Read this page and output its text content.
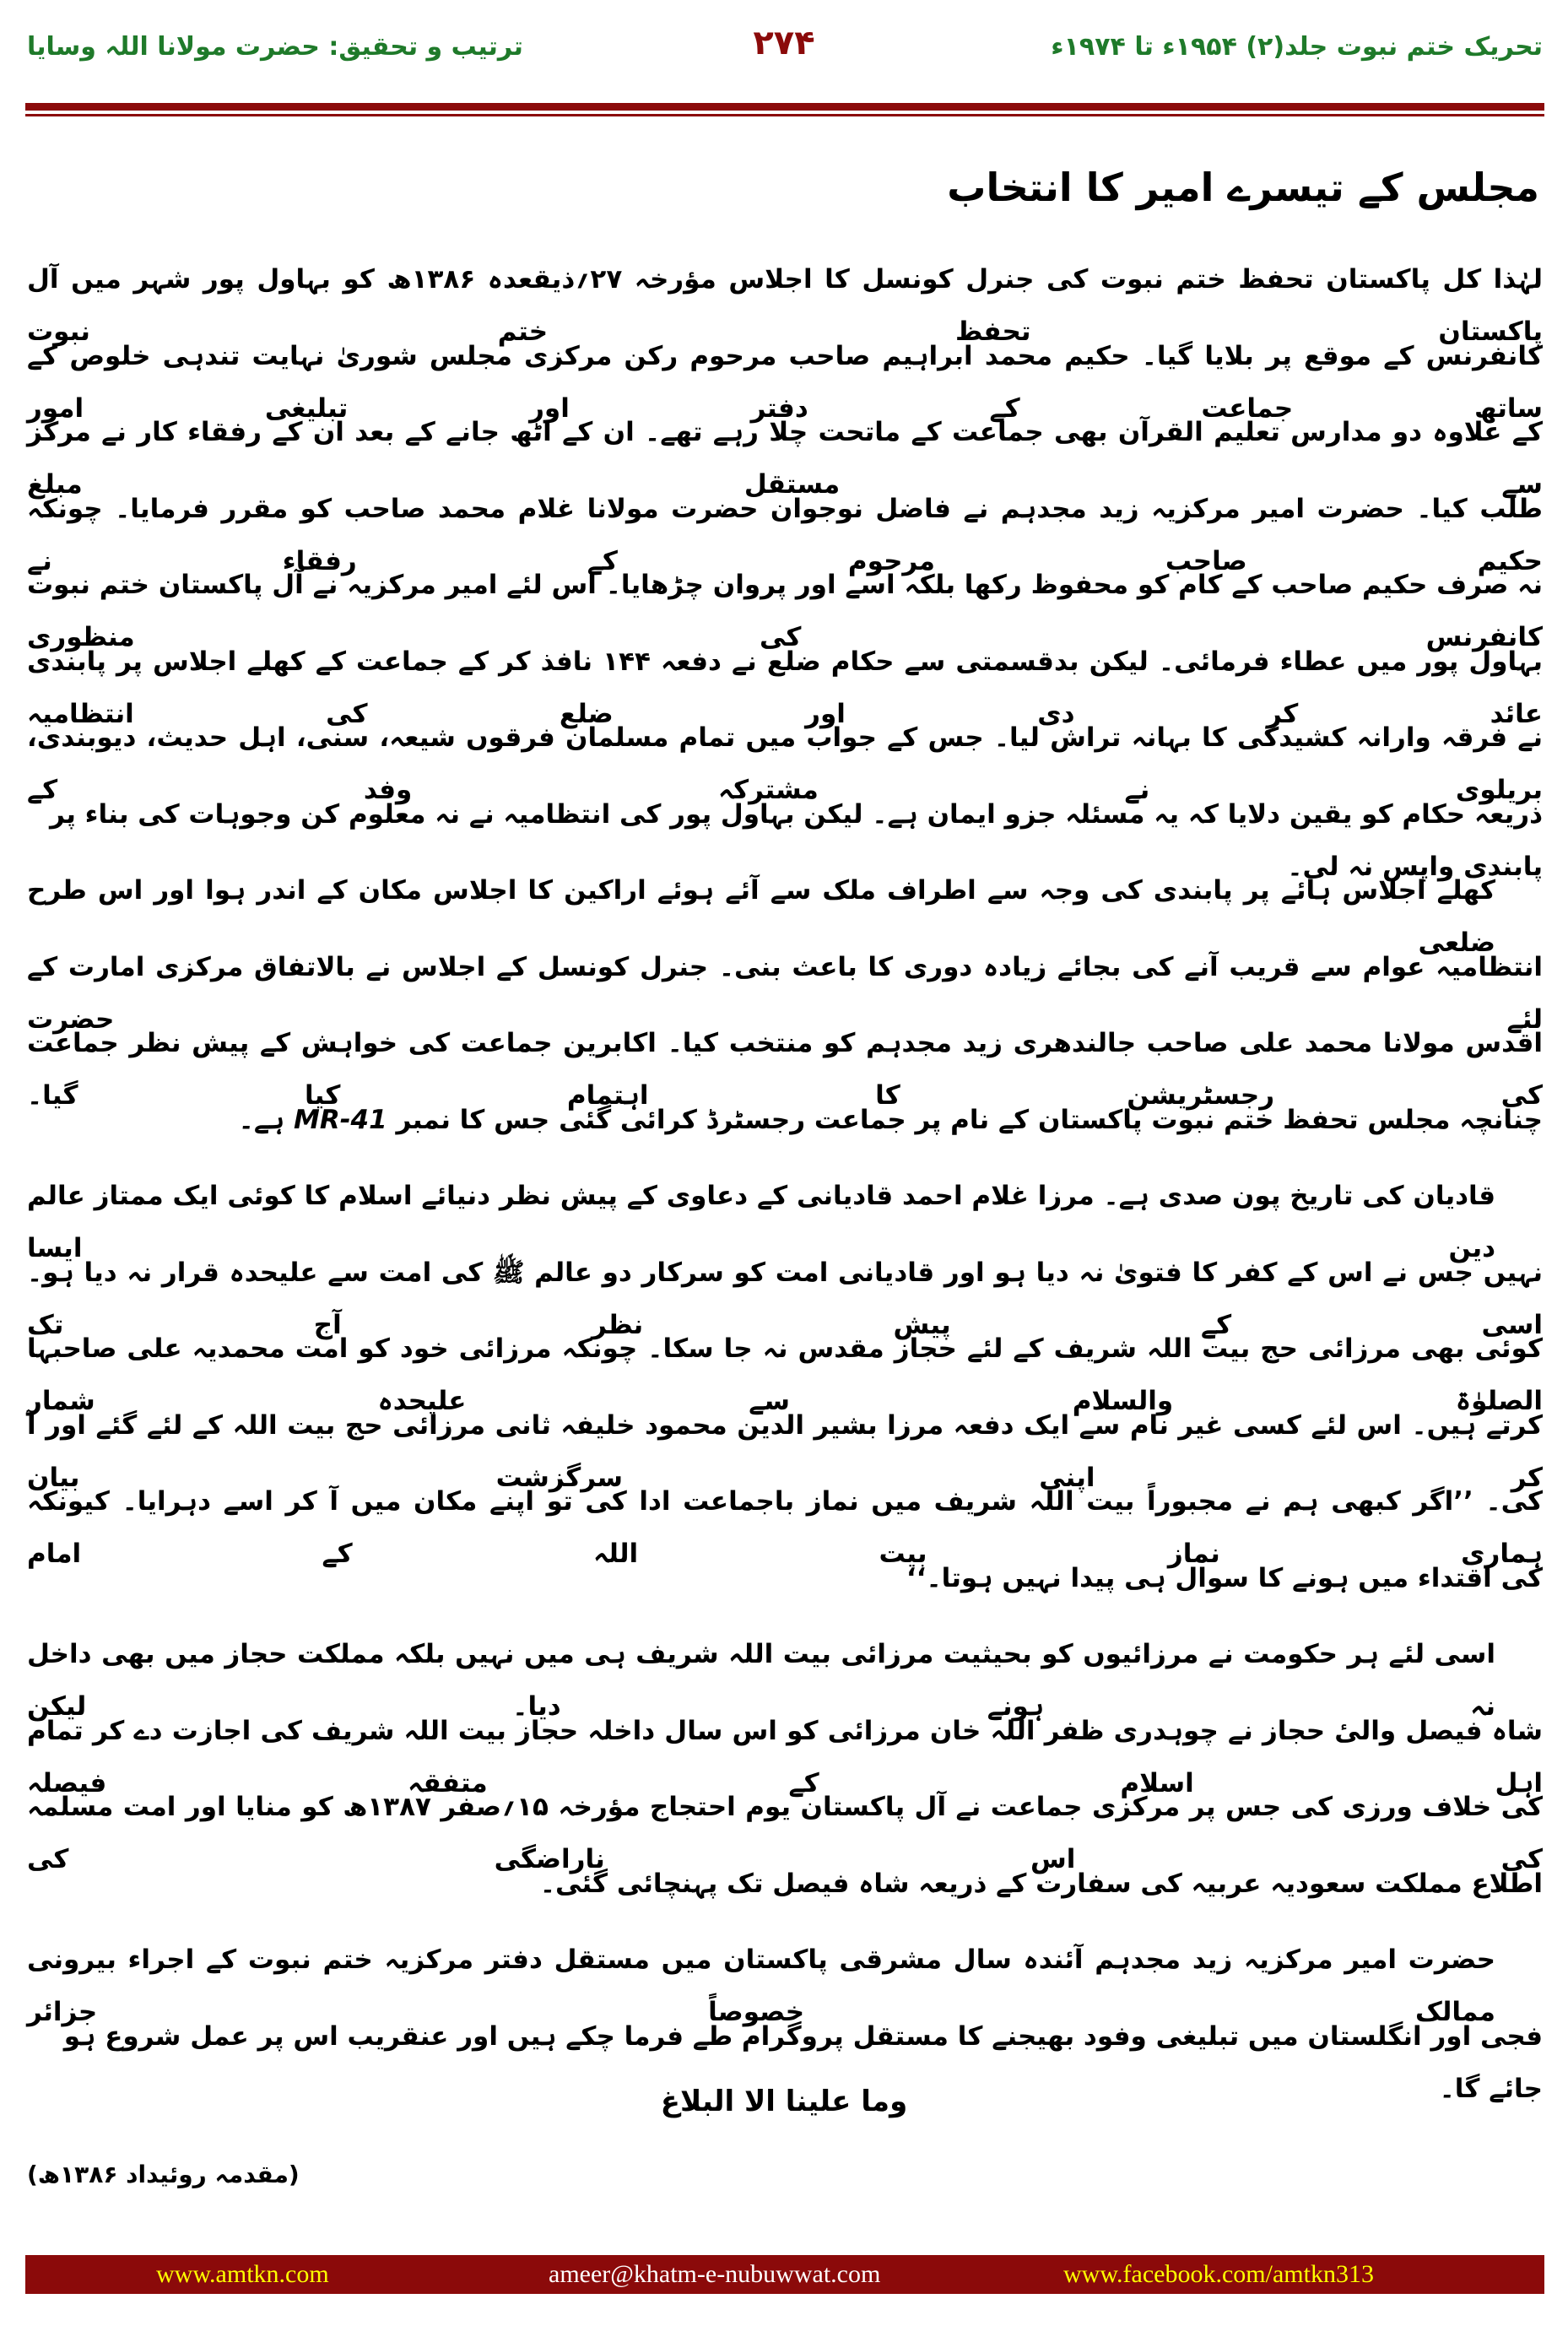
تحریک ختم نبوت جلد(۲) ۱۹۵۴ء تا ۱۹۷۴ء
۲۷۴
ترتیب و تحقیق: حضرت مولانا اللہ وسایا
مجلس کے تیسرے امیر کا انتخاب
لہٰذا کل پاکستان تحفظ ختم نبوت کی جنرل کونسل کا اجلاس مؤرخہ ۲۷؍ذیقعدہ ۱۳۸۶ھ کو بہاول پور شہر میں آل پاکستان تحفظ ختم نبوت
کانفرنس کے موقع پر بلایا گیا۔ حکیم محمد ابراہیم صاحب مرحوم رکن مرکزی مجلس شوریٰ نہایت تندہی خلوص کے ساتھ جماعت کے دفتر اور تبلیغی امور
کے علاوہ دو مدارس تعلیم القرآن بھی جماعت کے ماتحت چلا رہے تھے۔ ان کے اٹھ جانے کے بعد ان کے رفقاء کار نے مرکز سے مستقل مبلغ
طلب کیا۔ حضرت امیر مرکزیہ زید مجدہم نے فاضل نوجوان حضرت مولانا غلام محمد صاحب کو مقرر فرمایا۔ چونکہ حکیم صاحب مرحوم کے رفقاء نے
نہ صرف حکیم صاحب کے کام کو محفوظ رکھا بلکہ اسے اور پروان چڑھایا۔ اس لئے امیر مرکزیہ نے آل پاکستان ختم نبوت کانفرنس کی منظوری
بہاول پور میں عطاء فرمائی۔ لیکن بدقسمتی سے حکام ضلع نے دفعہ ۱۴۴ نافذ کر کے جماعت کے کھلے اجلاس پر پابندی عائد کر دی اور ضلع کی انتظامیہ
نے فرقہ وارانہ کشیدگی کا بہانہ تراش لیا۔ جس کے جواب میں تمام مسلمان فرقوں شیعہ، سنی، اہل حدیث، دیوبندی، بریلوی نے مشترکہ وفد کے
ذریعہ حکام کو یقین دلایا کہ یہ مسئلہ جزو ایمان ہے۔ لیکن بہاول پور کی انتظامیہ نے نہ معلوم کن وجوہات کی بناء پر پابندی واپس نہ لی۔
کھلے اجلاس ہائے پر پابندی کی وجہ سے اطراف ملک سے آئے ہوئے اراکین کا اجلاس مکان کے اندر ہوا اور اس طرح ضلعی
انتظامیہ عوام سے قریب آنے کی بجائے زیادہ دوری کا باعث بنی۔ جنرل کونسل کے اجلاس نے بالاتفاق مرکزی امارت کے لئے حضرت
اقدس مولانا محمد علی صاحب جالندھری زید مجدہم کو منتخب کیا۔ اکابرین جماعت کی خواہش کے پیش نظر جماعت کی رجسٹریشن کا اہتمام کیا گیا۔
چنانچہ مجلس تحفظ ختم نبوت پاکستان کے نام پر جماعت رجسٹرڈ کرائی گئی جس کا نمبر MR-41 ہے۔
قادیان کی تاریخ پون صدی ہے۔ مرزا غلام احمد قادیانی کے دعاوی کے پیش نظر دنیائے اسلام کا کوئی ایک ممتاز عالم دین ایسا
نہیں جس نے اس کے کفر کا فتویٰ نہ دیا ہو اور قادیانی امت کو سرکار دو عالم ﷺ کی امت سے علیحدہ قرار نہ دیا ہو۔ اسی کے پیش نظر آج تک
کوئی بھی مرزائی حج بیت اللہ شریف کے لئے حجاز مقدس نہ جا سکا۔ چونکہ مرزائی خود کو امت محمدیہ علی صاحبہا الصلوٰۃ والسلام سے علیحدہ شمار
کرتے ہیں۔ اس لئے کسی غیر نام سے ایک دفعہ مرزا بشیر الدین محمود خلیفہ ثانی مرزائی حج بیت اللہ کے لئے گئے اور آ کر اپنی سرگزشت بیان
کی۔ ’’اگر کبھی ہم نے مجبوراً بیت اللہ شریف میں نماز باجماعت ادا کی تو اپنے مکان میں آ کر اسے دہرایا۔ کیونکہ ہماری نماز بیت اللہ کے امام
کی اقتداء میں ہونے کا سوال ہی پیدا نہیں ہوتا۔‘‘
اسی لئے ہر حکومت نے مرزائیوں کو بحیثیت مرزائی بیت اللہ شریف ہی میں نہیں بلکہ مملکت حجاز میں بھی داخل نہ ہونے دیا۔ لیکن
شاہ فیصل والیٔ حجاز نے چوہدری ظفر اللہ خان مرزائی کو اس سال داخلہ حجاز بیت اللہ شریف کی اجازت دے کر تمام اہل اسلام کے متفقہ فیصلہ
کی خلاف ورزی کی جس پر مرکزی جماعت نے آل پاکستان یوم احتجاج مؤرخہ ۱۵؍صفر ۱۳۸۷ھ کو منایا اور امت مسلمہ کی اس ناراضگی کی
اطلاع مملکت سعودیہ عربیہ کی سفارت کے ذریعہ شاہ فیصل تک پہنچائی گئی۔
حضرت امیر مرکزیہ زید مجدہم آئندہ سال مشرقی پاکستان میں مستقل دفتر مرکزیہ ختم نبوت کے اجراء بیرونی ممالک خصوصاً جزائر
فجی اور انگلستان میں تبلیغی وفود بھیجنے کا مستقل پروگرام طے فرما چکے ہیں اور عنقریب اس پر عمل شروع ہو جائے گا۔
وما علینا الا البلاغ
(مقدمہ روئیداد ۱۳۸۶ھ)
www.amtkn.com	ameer@khatm-e-nubuwwat.com	www.facebook.com/amtkn313
